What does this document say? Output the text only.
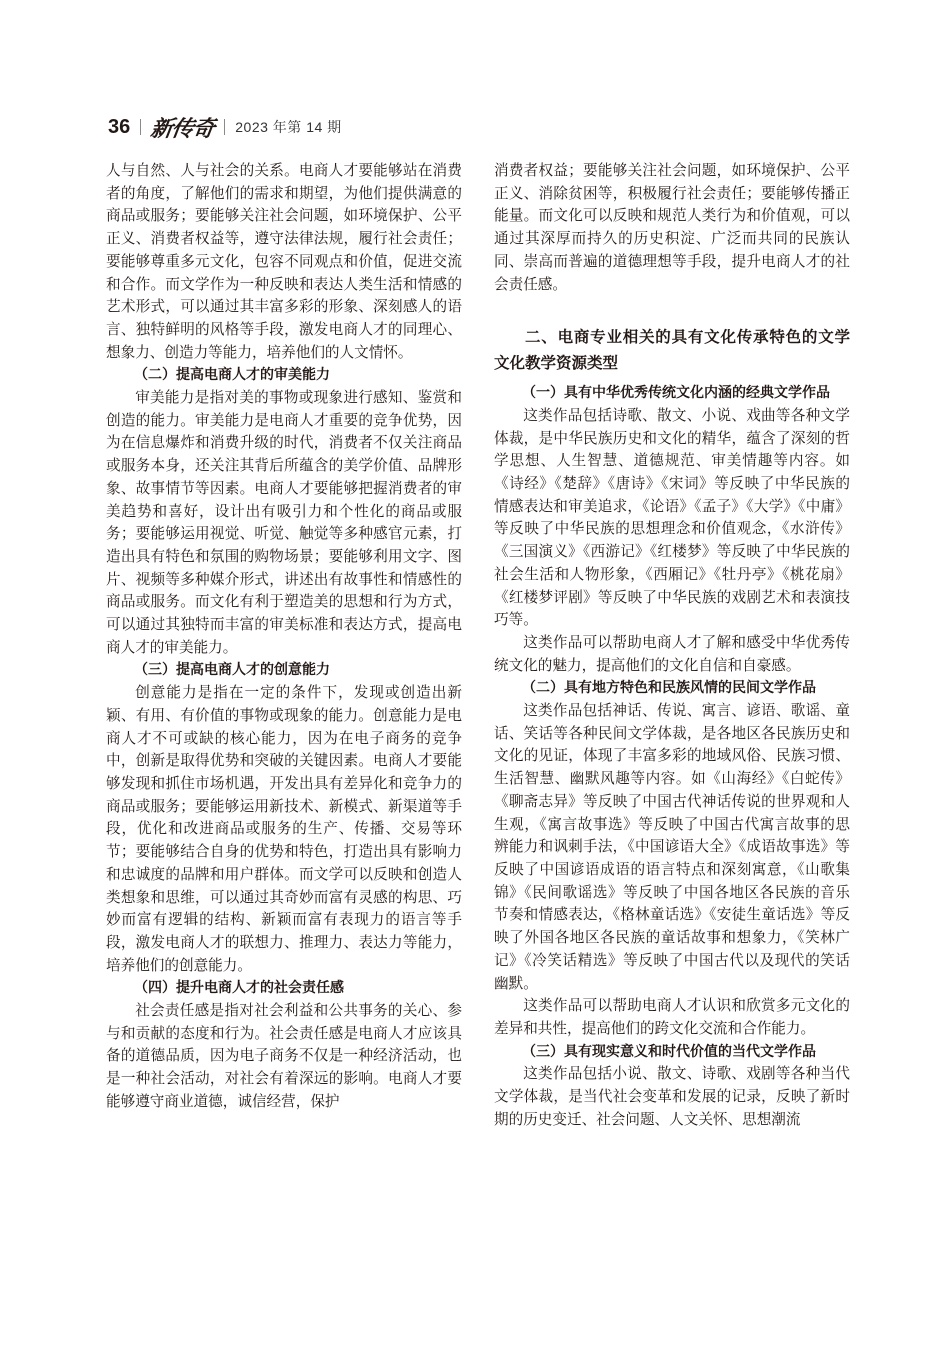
36 新传奇 2023 年第 14 期

人与自然、人与社会的关系。电商人才要能够站在消费者的角度，了解他们的需求和期望，为他们提供满意的商品或服务；要能够关注社会问题，如环境保护、公平正义、消费者权益等，遵守法律法规，履行社会责任；要能够尊重多元文化，包容不同观点和价值，促进交流和合作。而文学作为一种反映和表达人类生活和情感的艺术形式，可以通过其丰富多彩的形象、深刻感人的语言、独特鲜明的风格等手段，激发电商人才的同理心、想象力、创造力等能力，培养他们的人文情怀。

（二）提高电商人才的审美能力

审美能力是指对美的事物或现象进行感知、鉴赏和创造的能力。审美能力是电商人才重要的竞争优势，因为在信息爆炸和消费升级的时代，消费者不仅关注商品或服务本身，还关注其背后所蕴含的美学价值、品牌形象、故事情节等因素。电商人才要能够把握消费者的审美趋势和喜好，设计出有吸引力和个性化的商品或服务；要能够运用视觉、听觉、触觉等多种感官元素，打造出具有特色和氛围的购物场景；要能够利用文字、图片、视频等多种媒介形式，讲述出有故事性和情感性的商品或服务。而文化有利于塑造美的思想和行为方式，可以通过其独特而丰富的审美标准和表达方式，提高电商人才的审美能力。

（三）提高电商人才的创意能力

创意能力是指在一定的条件下，发现或创造出新颖、有用、有价值的事物或现象的能力。创意能力是电商人才不可或缺的核心能力，因为在电子商务的竞争中，创新是取得优势和突破的关键因素。电商人才要能够发现和抓住市场机遇，开发出具有差异化和竞争力的商品或服务；要能够运用新技术、新模式、新渠道等手段，优化和改进商品或服务的生产、传播、交易等环节；要能够结合自身的优势和特色，打造出具有影响力和忠诚度的品牌和用户群体。而文学可以反映和创造人类想象和思维，可以通过其奇妙而富有灵感的构思、巧妙而富有逻辑的结构、新颖而富有表现力的语言等手段，激发电商人才的联想力、推理力、表达力等能力，培养他们的创意能力。

（四）提升电商人才的社会责任感

社会责任感是指对社会利益和公共事务的关心、参与和贡献的态度和行为。社会责任感是电商人才应该具备的道德品质，因为电子商务不仅是一种经济活动，也是一种社会活动，对社会有着深远的影响。电商人才要能够遵守商业道德，诚信经营，保护

消费者权益；要能够关注社会问题，如环境保护、公平正义、消除贫困等，积极履行社会责任；要能够传播正能量。而文化可以反映和规范人类行为和价值观，可以通过其深厚而持久的历史积淀、广泛而共同的民族认同、崇高而普遍的道德理想等手段，提升电商人才的社会责任感。

二、电商专业相关的具有文化传承特色的文学文化教学资源类型
（一）具有中华优秀传统文化内涵的经典文学作品

这类作品包括诗歌、散文、小说、戏曲等各种文学体裁，是中华民族历史和文化的精华，蕴含了深刻的哲学思想、人生智慧、道德规范、审美情趣等内容。如《诗经》《楚辞》《唐诗》《宋词》等反映了中华民族的情感表达和审美追求，《论语》《孟子》《大学》《中庸》等反映了中华民族的思想理念和价值观念，《水浒传》《三国演义》《西游记》《红楼梦》等反映了中华民族的社会生活和人物形象，《西厢记》《牡丹亭》《桃花扇》《红楼梦评剧》等反映了中华民族的戏剧艺术和表演技巧等。

这类作品可以帮助电商人才了解和感受中华优秀传统文化的魅力，提高他们的文化自信和自豪感。

（二）具有地方特色和民族风情的民间文学作品

这类作品包括神话、传说、寓言、谚语、歌谣、童话、笑话等各种民间文学体裁，是各地区各民族历史和文化的见证，体现了丰富多彩的地域风俗、民族习惯、生活智慧、幽默风趣等内容。如《山海经》《白蛇传》《聊斋志异》等反映了中国古代神话传说的世界观和人生观，《寓言故事选》等反映了中国古代寓言故事的思辨能力和讽刺手法，《中国谚语大全》《成语故事选》等反映了中国谚语成语的语言特点和深刻寓意，《山歌集锦》《民间歌谣选》等反映了中国各地区各民族的音乐节奏和情感表达，《格林童话选》《安徒生童话选》等反映了外国各地区各民族的童话故事和想象力，《笑林广记》《冷笑话精选》等反映了中国古代以及现代的笑话幽默。

这类作品可以帮助电商人才认识和欣赏多元文化的差异和共性，提高他们的跨文化交流和合作能力。

（三）具有现实意义和时代价值的当代文学作品

这类作品包括小说、散文、诗歌、戏剧等各种当代文学体裁，是当代社会变革和发展的记录，反映了新时期的历史变迁、社会问题、人文关怀、思想潮流
